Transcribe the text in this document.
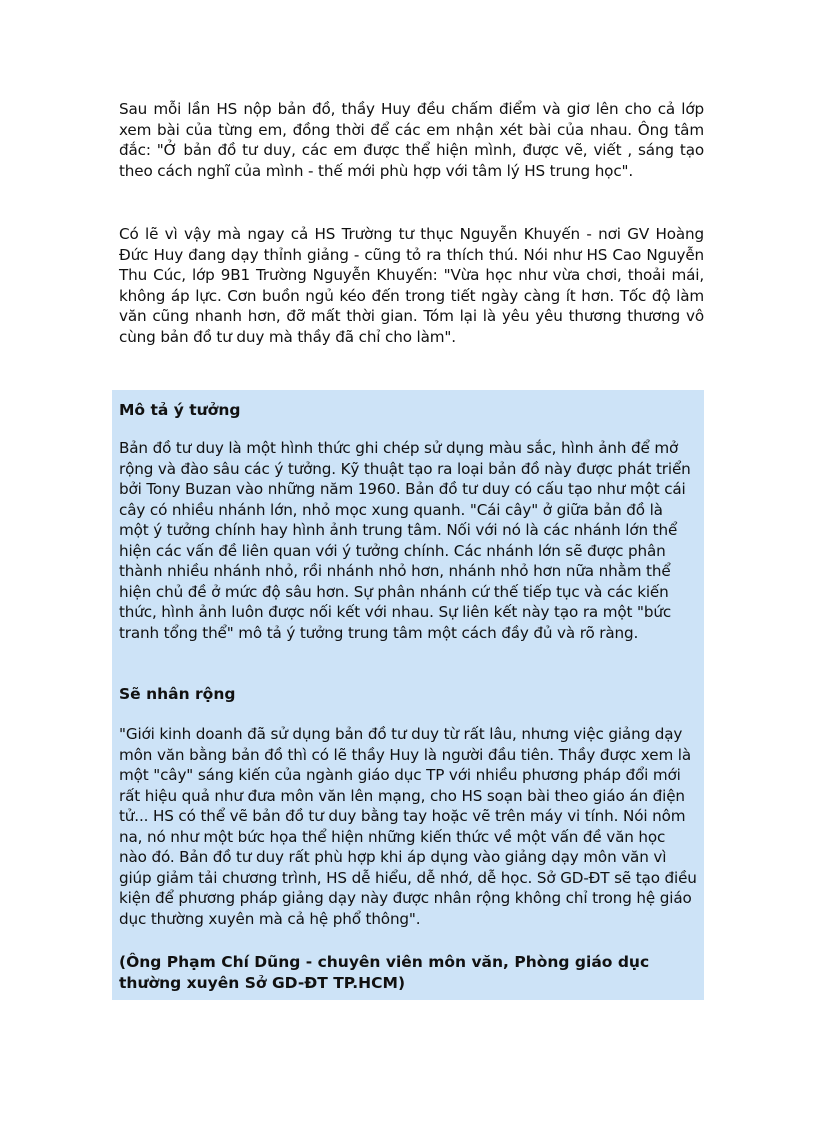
Sau mỗi lần HS nộp bản đồ, thầy Huy đều chấm điểm và giơ lên cho cả lớp xem bài của từng em, đồng thời để các em nhận xét bài của nhau. Ông tâm đắc: "Ở bản đồ tư duy, các em được thể hiện mình, được vẽ, viết , sáng tạo theo cách nghĩ của mình - thế mới phù hợp với tâm lý HS trung học".

Có lẽ vì vậy mà ngay cả HS Trường tư thục Nguyễn Khuyến - nơi GV Hoàng Đức Huy đang dạy thỉnh giảng - cũng tỏ ra thích thú. Nói như HS Cao Nguyễn Thu Cúc, lớp 9B1 Trường Nguyễn Khuyến: "Vừa học như vừa chơi, thoải mái, không áp lực. Cơn buồn ngủ kéo đến trong tiết ngày càng ít hơn. Tốc độ làm văn cũng nhanh hơn, đỡ mất thời gian. Tóm lại là yêu yêu thương thương vô cùng bản đồ tư duy mà thầy đã chỉ cho làm".

Mô tả ý tưởng

Bản đồ tư duy là một hình thức ghi chép sử dụng màu sắc, hình ảnh để mở rộng và đào sâu các ý tưởng. Kỹ thuật tạo ra loại bản đồ này được phát triển bởi Tony Buzan vào những năm 1960. Bản đồ tư duy có cấu tạo như một cái cây có nhiều nhánh lớn, nhỏ mọc xung quanh. "Cái cây" ở giữa bản đồ là một ý tưởng chính hay hình ảnh trung tâm. Nối với nó là các nhánh lớn thể hiện các vấn đề liên quan với ý tưởng chính. Các nhánh lớn sẽ được phân thành nhiều nhánh nhỏ, rồi nhánh nhỏ hơn, nhánh nhỏ hơn nữa nhằm thể hiện chủ đề ở mức độ sâu hơn. Sự phân nhánh cứ thế tiếp tục và các kiến thức, hình ảnh luôn được nối kết với nhau. Sự liên kết này tạo ra một "bức tranh tổng thể" mô tả ý tưởng trung tâm một cách đầy đủ và rõ ràng.

Sẽ nhân rộng

"Giới kinh doanh đã sử dụng bản đồ tư duy từ rất lâu, nhưng việc giảng dạy môn văn bằng bản đồ thì có lẽ thầy Huy là người đầu tiên. Thầy được xem là một "cây" sáng kiến của ngành giáo dục TP với nhiều phương pháp đổi mới rất hiệu quả như đưa môn văn lên mạng, cho HS soạn bài theo giáo án điện tử... HS có thể vẽ bản đồ tư duy bằng tay hoặc vẽ trên máy vi tính. Nói nôm na, nó như một bức họa thể hiện những kiến thức về một vấn đề văn học nào đó. Bản đồ tư duy rất phù hợp khi áp dụng vào giảng dạy môn văn vì giúp giảm tải chương trình, HS dễ hiểu, dễ nhớ, dễ học. Sở GD-ĐT sẽ tạo điều kiện để phương pháp giảng dạy này được nhân rộng không chỉ trong hệ giáo dục thường xuyên mà cả hệ phổ thông".

(Ông Phạm Chí Dũng - chuyên viên môn văn, Phòng giáo dục thường xuyên Sở GD-ĐT TP.HCM)
